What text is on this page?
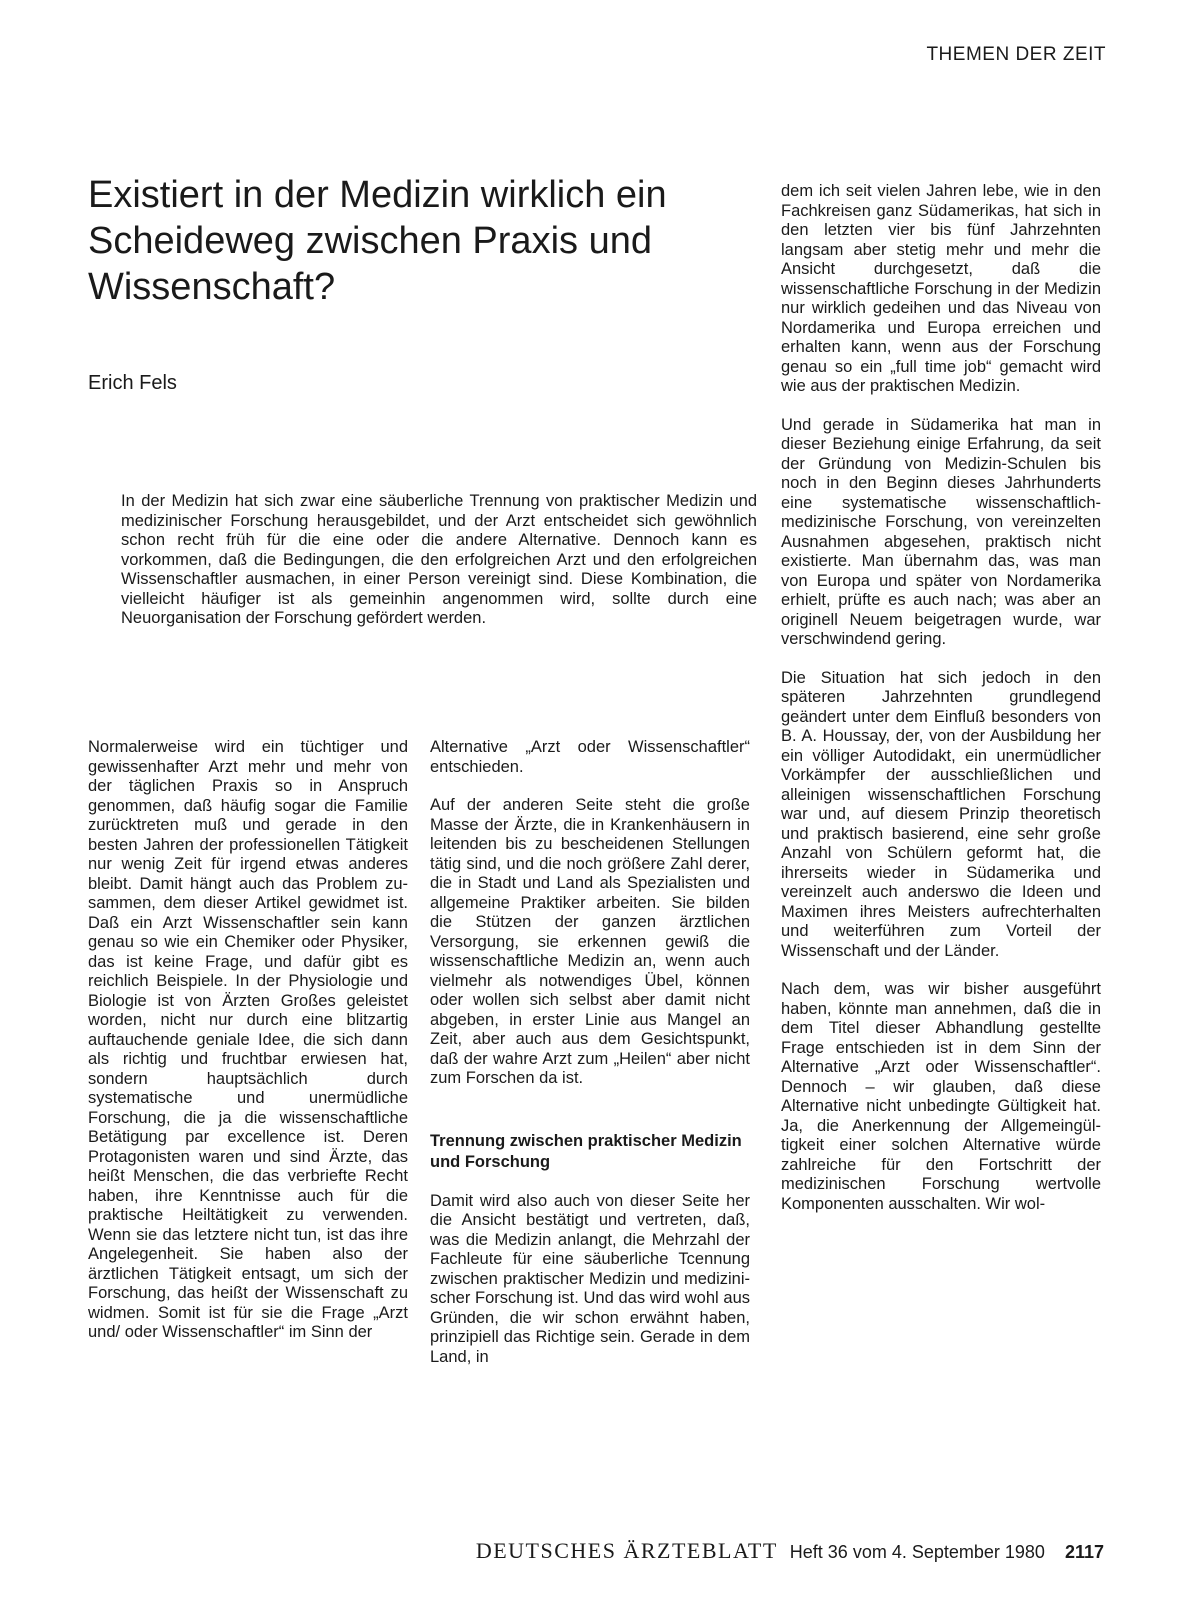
THEMEN DER ZEIT
Existiert in der Medizin wirklich ein Scheideweg zwischen Praxis und Wissenschaft?
Erich Fels

In der Medizin hat sich zwar eine säuberliche Trennung von praktischer Medizin und medizinischer Forschung herausgebildet, und der Arzt entscheidet sich gewöhnlich schon recht früh für die eine oder die andere Alternative. Dennoch kann es vorkommen, daß die Bedingungen, die den erfolgreichen Arzt und den erfolgreichen Wissenschaftler ausmachen, in einer Person vereinigt sind. Diese Kombination, die vielleicht häufiger ist als gemeinhin angenommen wird, sollte durch eine Neuorganisation der Forschung gefördert werden.

Normalerweise wird ein tüchtiger und gewissenhafter Arzt mehr und mehr von der täglichen Praxis so in Anspruch genommen, daß häufig sogar die Familie zurücktreten muß und gerade in den besten Jahren der professionellen Tätigkeit nur wenig Zeit für irgend etwas anderes bleibt. Damit hängt auch das Problem zusammen, dem dieser Artikel gewidmet ist. Daß ein Arzt Wissenschaftler sein kann genau so wie ein Chemiker oder Physiker, das ist keine Frage, und dafür gibt es reichlich Beispiele. In der Physiologie und Biologie ist von Ärzten Großes geleistet worden, nicht nur durch eine blitzartig auftauchende geniale Idee, die sich dann als richtig und fruchtbar erwiesen hat, sondern hauptsächlich durch systematische und unermüdliche Forschung, die ja die wissenschaftliche Betätigung par excellence ist. Deren Protagonisten waren und sind Ärzte, das heißt Menschen, die das verbriefte Recht haben, ihre Kenntnisse auch für die praktische Heiltätigkeit zu verwenden. Wenn sie das letztere nicht tun, ist das ihre Angelegenheit. Sie haben also der ärztlichen Tätigkeit entsagt, um sich der Forschung, das heißt der Wissenschaft zu widmen. Somit ist für sie die Frage „Arzt und/ oder Wissenschaftler“ im Sinn der

Alternative „Arzt oder Wissenschaftler“ entschieden.

Auf der anderen Seite steht die große Masse der Ärzte, die in Krankenhäusern in leitenden bis zu bescheidenen Stellungen tätig sind, und die noch größere Zahl derer, die in Stadt und Land als Spezialisten und allgemeine Praktiker arbeiten. Sie bilden die Stützen der ganzen ärztlichen Versorgung, sie erkennen gewiß die wissenschaftliche Medizin an, wenn auch vielmehr als notwendiges Übel, können oder wollen sich selbst aber damit nicht abgeben, in erster Linie aus Mangel an Zeit, aber auch aus dem Gesichtspunkt, daß der wahre Arzt zum „Heilen“ aber nicht zum Forschen da ist.

Trennung zwischen praktischer Medizin und Forschung

Damit wird also auch von dieser Seite her die Ansicht bestätigt und vertreten, daß, was die Medizin anlangt, die Mehrzahl der Fachleute für eine säuberliche Tcennung zwischen praktischer Medizin und medizinischer Forschung ist. Und das wird wohl aus Gründen, die wir schon erwähnt haben, prinzipiell das Richtige sein. Gerade in dem Land, in

dem ich seit vielen Jahren lebe, wie in den Fachkreisen ganz Südamerikas, hat sich in den letzten vier bis fünf Jahrzehnten langsam aber stetig mehr und mehr die Ansicht durchgesetzt, daß die wissenschaftliche Forschung in der Medizin nur wirklich gedeihen und das Niveau von Nordamerika und Europa erreichen und erhalten kann, wenn aus der Forschung genau so ein „full time job“ gemacht wird wie aus der praktischen Medizin.

Und gerade in Südamerika hat man in dieser Beziehung einige Erfahrung, da seit der Gründung von Medizin-Schulen bis noch in den Beginn dieses Jahrhunderts eine systematische wissenschaftlich-medizinische Forschung, von vereinzelten Ausnahmen abgesehen, praktisch nicht existierte. Man übernahm das, was man von Europa und später von Nordamerika erhielt, prüfte es auch nach; was aber an originell Neuem beigetragen wurde, war verschwindend gering.

Die Situation hat sich jedoch in den späteren Jahrzehnten grundlegend geändert unter dem Einfluß besonders von B. A. Houssay, der, von der Ausbildung her ein völliger Autodidakt, ein unermüdlicher Vorkämpfer der ausschließlichen und alleinigen wissenschaftlichen Forschung war und, auf diesem Prinzip theoretisch und praktisch basierend, eine sehr große Anzahl von Schülern geformt hat, die ihrerseits wieder in Südamerika und vereinzelt auch anderswo die Ideen und Maximen ihres Meisters aufrechterhalten und weiterführen zum Vorteil der Wissenschaft und der Länder.

Nach dem, was wir bisher ausgeführt haben, könnte man annehmen, daß die in dem Titel dieser Abhandlung gestellte Frage entschieden ist in dem Sinn der Alternative „Arzt oder Wissenschaftler“. Dennoch – wir glauben, daß diese Alternative nicht unbedingte Gültigkeit hat. Ja, die Anerkennung der Allgemeingültigkeit einer solchen Alternative würde zahlreiche für den Fortschritt der medizinischen Forschung wertvolle Komponenten ausschalten. Wir wol-

DEUTSCHES ÄRZTEBLATT Heft 36 vom 4. September 1980 2117
